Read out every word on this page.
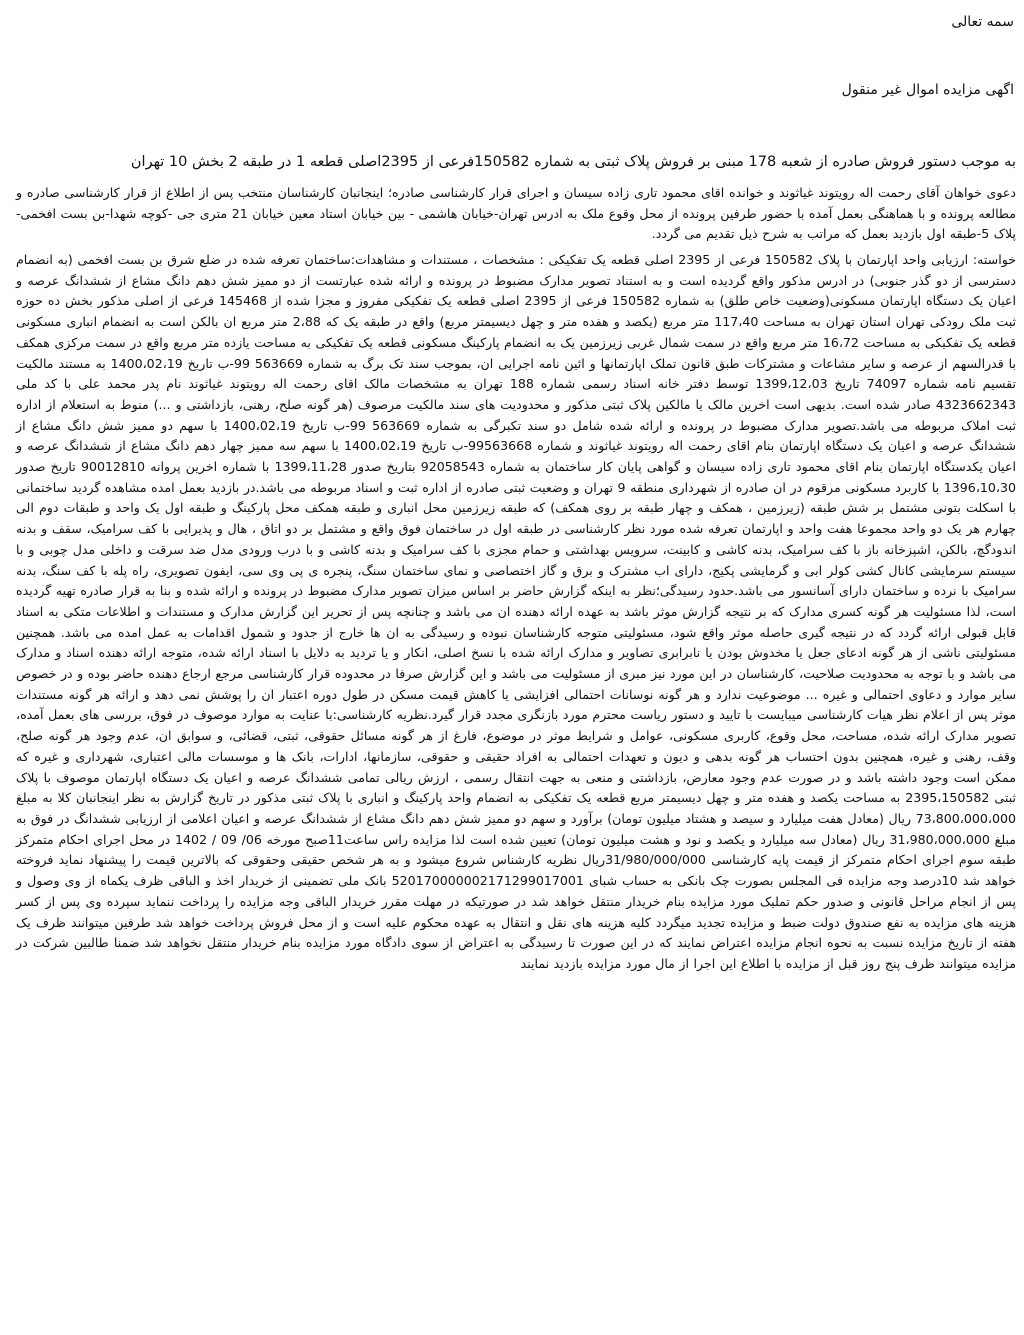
سمه تعالی

اگهی مزایده اموال غیر منقول

به موجب دستور فروش صادره از شعبه 178 مبنی بر فروش پلاک ثبتی به شماره 150582فرعی از 2395اصلی قطعه 1 در طبقه 2 بخش 10 تهران

دعوی خواهان آقای رحمت اله رویتوند غیاثوند و خوانده اقای محمود تاری زاده سیسان و اجرای قرار کارشناسی صادره؛ اینجانبان کارشناسان منتخب پس از اطلاع از قرار کارشناسی صادره و مطالعه پرونده و با هماهنگی بعمل آمده با حضور طرفین پرونده از محل وقوع ملک به ادرس تهران-خیابان هاشمی - بین خیابان استاد معین خیابان 21 متری جی -کوچه شهدا-بن بست افخمی-پلاک 5-طبقه اول بازدید بعمل که مراتب به شرح ذیل تقدیم می گردد.

خواسته: ارزیابی واحد اپارتمان با پلاک 150582 فرعی از 2395 اصلی قطعه یک تفکیکی : مشخصات ، مستندات و مشاهدات:ساختمان تعرفه شده در ضلع شرق بن بست افخمی (به انضمام دسترسی از دو گذر جنوبی) در ادرس مذکور واقع گردیده است و به استناد تصویر مدارک مضبوط در پرونده و ارائه شده عبارتست از دو ممیز شش دهم دانگ مشاع از ششدانگ عرصه و اعیان یک دستگاه اپارتمان مسکونی(وضعیت خاص طلق) به شماره 150582 فرعی از 2395 اصلی قطعه یک تفکیکی مفروز و مجزا شده از 145468 فرعی از اصلی مذکور بخش ده حوزه ثبت ملک رودکی تهران استان تهران به مساحت 117،40 متر مربع (یکصد و هفده متر و چهل دیسیمتر مربع) واقع در طبقه یک که 2،88 متر مربع ان بالکن است به انضمام انباری مسکونی قطعه یک تفکیکی به مساحت 16،72 متر مربع واقع در سمت شمال غربی زیرزمین یک به انضمام پارکینگ مسکونی قطعه یک تفکیکی به مساحت یازده متر مربع واقع در سمت مرکزی همکف با قدرالسهم از عرصه و سایر مشاعات و مشترکات طبق قانون تملک اپارتمانها و ائین نامه اجرایی ان، بموجب سند تک برگ به شماره 563669 99-ب تاریخ 1400،02،19 به مستند مالکیت تقسیم نامه شماره 74097 تاریخ 1399،12،03 توسط دفتر خانه اسناد رسمی شماره 188 تهران به مشخصات مالک اقای رحمت اله رویتوند غیاثوند نام پدر محمد علی با کد ملی 4323662343 صادر شده است. بدیهی است اخرین مالک یا مالکین پلاک ثبتی مذکور و محدودیت های سند مالکیت مرصوف (هر گونه صلح، رهنی، بازداشتی و ...) منوط به استعلام از اداره ثبت املاک مربوطه می باشد.تصویر مدارک مضبوط در پرونده و ارائه شده شامل دو سند تکبرگی به شماره 563669 99-ب تاریخ 1400،02،19 با سهم دو ممیز شش دانگ مشاع از ششدانگ عرصه و اعیان یک دستگاه اپارتمان بنام اقای رحمت اله رویتوند غیاثوند و شماره 99563668-ب تاریخ 1400،02،19 با سهم سه ممیز چهار دهم دانگ مشاع از ششدانگ عرصه و اعیان یکدستگاه اپارتمان بنام اقای محمود تاری زاده سیسان و گواهی پایان کار ساختمان به شماره 92058543 بتاریخ صدور 1399،11،28 با شماره اخرین پروانه 90012810 تاریخ صدور 1396،10،30 با کاربرد مسکونی مرقوم در ان صادره از شهرداری منطقه 9 تهران و وضعیت ثبتی صادره از اداره ثبت و اسناد مربوطه می باشد.در بازدید بعمل امده مشاهده گردید ساختمانی با اسکلت بتونی مشتمل بر شش طبقه (زیرزمین ، همکف و چهار طبقه بر روی همکف) که طبقه زیرزمین محل انباری و طبقه همکف محل پارکینگ و طبقه اول یک واحد و طبقات دوم الی چهارم هر یک دو واحد مجموعا هفت واحد و اپارتمان تعرفه شده مورد نظر کارشناسی در طبقه اول در ساختمان فوق واقع و مشتمل بر دو اتاق ، هال و پذیرایی با کف سرامیک، سقف و بدنه اندودگچ، بالکن، اشپزخانه باز با کف سرامیک، بدنه کاشی و کابینت، سرویس بهداشتی و حمام مجزی با کف سرامیک و بدنه کاشی و با درب ورودی مدل ضد سرقت و داخلی مدل چوبی و با سیستم سرمایشی کانال کشی کولر ابی و گرمایشی پکیج، دارای اب مشترک و برق و گاز اختصاصی و نمای ساختمان سنگ، پنجره ی پی وی سی، ایفون تصویری، راه پله با کف سنگ، بدنه سرامیک با نرده و ساختمان دارای آسانسور می باشد.حدود رسیدگی؛نظر به اینکه گزارش حاضر بر اساس میزان تصویر مدارک مضبوط در پرونده و ارائه شده و بنا به قرار صادره تهیه گردیده است، لذا مسئولیت هر گونه کسری مدارک که بر نتیجه گزارش موثر باشد به عهده ارائه دهنده ان می باشد و چنانچه پس از تحریر این گزارش مدارک و مستندات و اطلاعات متکی به اسناد قابل قبولی ارائه گردد که در نتیجه گیری حاصله موثر واقع شود، مسئولیتی متوجه کارشناسان نبوده و رسیدگی به ان ها خارج از جدود و شمول اقدامات به عمل امده می باشد. همچنین مسئولیتی ناشی از هر گونه ادعای جعل یا مخدوش بودن یا نابرابری تصاویر و مدارک ارائه شده با نسخ اصلی، انکار و یا تردید به دلایل با اسناد ارائه شده، متوجه ارائه دهنده اسناد و مدارک می باشد و با توجه به محدودیت صلاحیت، کارشناسان در این مورد نیز مبری از مسئولیت می باشد و این گزارش صرفا در محدوده قرار کارشناسی مرجع ارجاع دهنده حاضر بوده و در خصوص سایر موارد و دعاوی احتمالی و غیره ... موضوعیت ندارد و هر گونه نوسانات احتمالی افزایشی یا کاهش قیمت مسکن در طول دوره اعتبار ان را پوشش نمی دهد و ارائه هر گونه مستندات موثر پس از اعلام نظر هیات کارشناسی میبایست با تایید و دستور ریاست محترم مورد بازنگری مجدد قرار گیرد.نظریه کارشناسی:با عنایت به موارد موصوف در فوق، بررسی های بعمل آمده، تصویر مدارک ارائه شده، مساحت، محل وقوع، کاربری مسکونی، عوامل و شرایط موثر در موضوع، فارغ از هر گونه مسائل حقوقی، ثبتی، قضائی، و سوابق ان، عدم وجود هر گونه صلح، وقف، رهنی و غیره، همچنین بدون احتساب هر گونه بدهی و دیون و تعهدات احتمالی به افراد حقیقی و حقوقی، سازمانها، ادارات، بانک ها و موسسات مالی اعتباری، شهرداری و غیره که ممکن است وجود داشته باشد و در صورت عدم وجود معارض، بازداشتی و منعی به جهت انتقال رسمی ، ارزش ریالی تمامی ششدانگ عرصه و اعیان یک دستگاه اپارتمان موصوف با پلاک ثبتی 2395،150582 به مساحت یکصد و هفده متر و چهل دیسیمتر مربع قطعه یک تفکیکی به انضمام واحد پارکینگ و انباری با پلاک ثبتی مذکور در تاریخ گزارش به نظر اینجانبان کلا به مبلغ 73،800،000،000 ریال (معادل هفت میلیارد و سیصد و هشتاد میلیون تومان) برآورد و سهم دو ممیز شش دهم دانگ مشاع از ششدانگ عرصه و اعیان اعلامی از ارزیابی ششدانگ در فوق به مبلغ 31،980،000،000 ریال (معادل سه میلیارد و یکصد و نود و هشت میلیون تومان) تعیین شده است لذا مزایده راس ساعت11صبح مورخه 06/ 09 / 1402 در محل اجرای احکام متمرکز طبقه سوم اجرای احکام متمرکز از قیمت پایه کارشناسی 31/980/000/000ریال نظریه کارشناس شروع میشود و به هر شخص حقیقی وحقوقی که بالاترین قیمت را پیشنهاد نماید فروخته خواهد شد 10درصد وجه مزایده فی المجلس بصورت چک بانکی به حساب شبای 520170000002171299017001 بانک ملی تضمینی از خریدار اخذ و الباقی ظرف یکماه از وی وصول و پس از انجام مراحل قانونی و صدور حکم تملیک مورد مزایده بنام خریدار منتقل خواهد شد در صورتیکه در مهلت مقرر خریدار الباقی وجه مزایده را پرداخت ننماید سپرده وی پس از کسر هزینه های مزایده به نفع صندوق دولت ضبط و مزایده تجدید میگردد کلیه هزینه های نقل و انتقال به عهده محکوم علیه است و از محل فروش پرداخت خواهد شد طرفین میتوانند ظرف یک هفته از تاریخ مزایده نسبت به نحوه انجام مزایده اعتراض نمایند که در این صورت تا رسیدگی به اعتراض از سوی دادگاه مورد مزایده بنام خریدار منتقل نخواهد شد ضمنا طالبین شرکت در مزایده میتوانند ظرف پنج روز قبل از مزایده با اطلاع این اجرا از مال مورد مزایده بازدید نمایند
